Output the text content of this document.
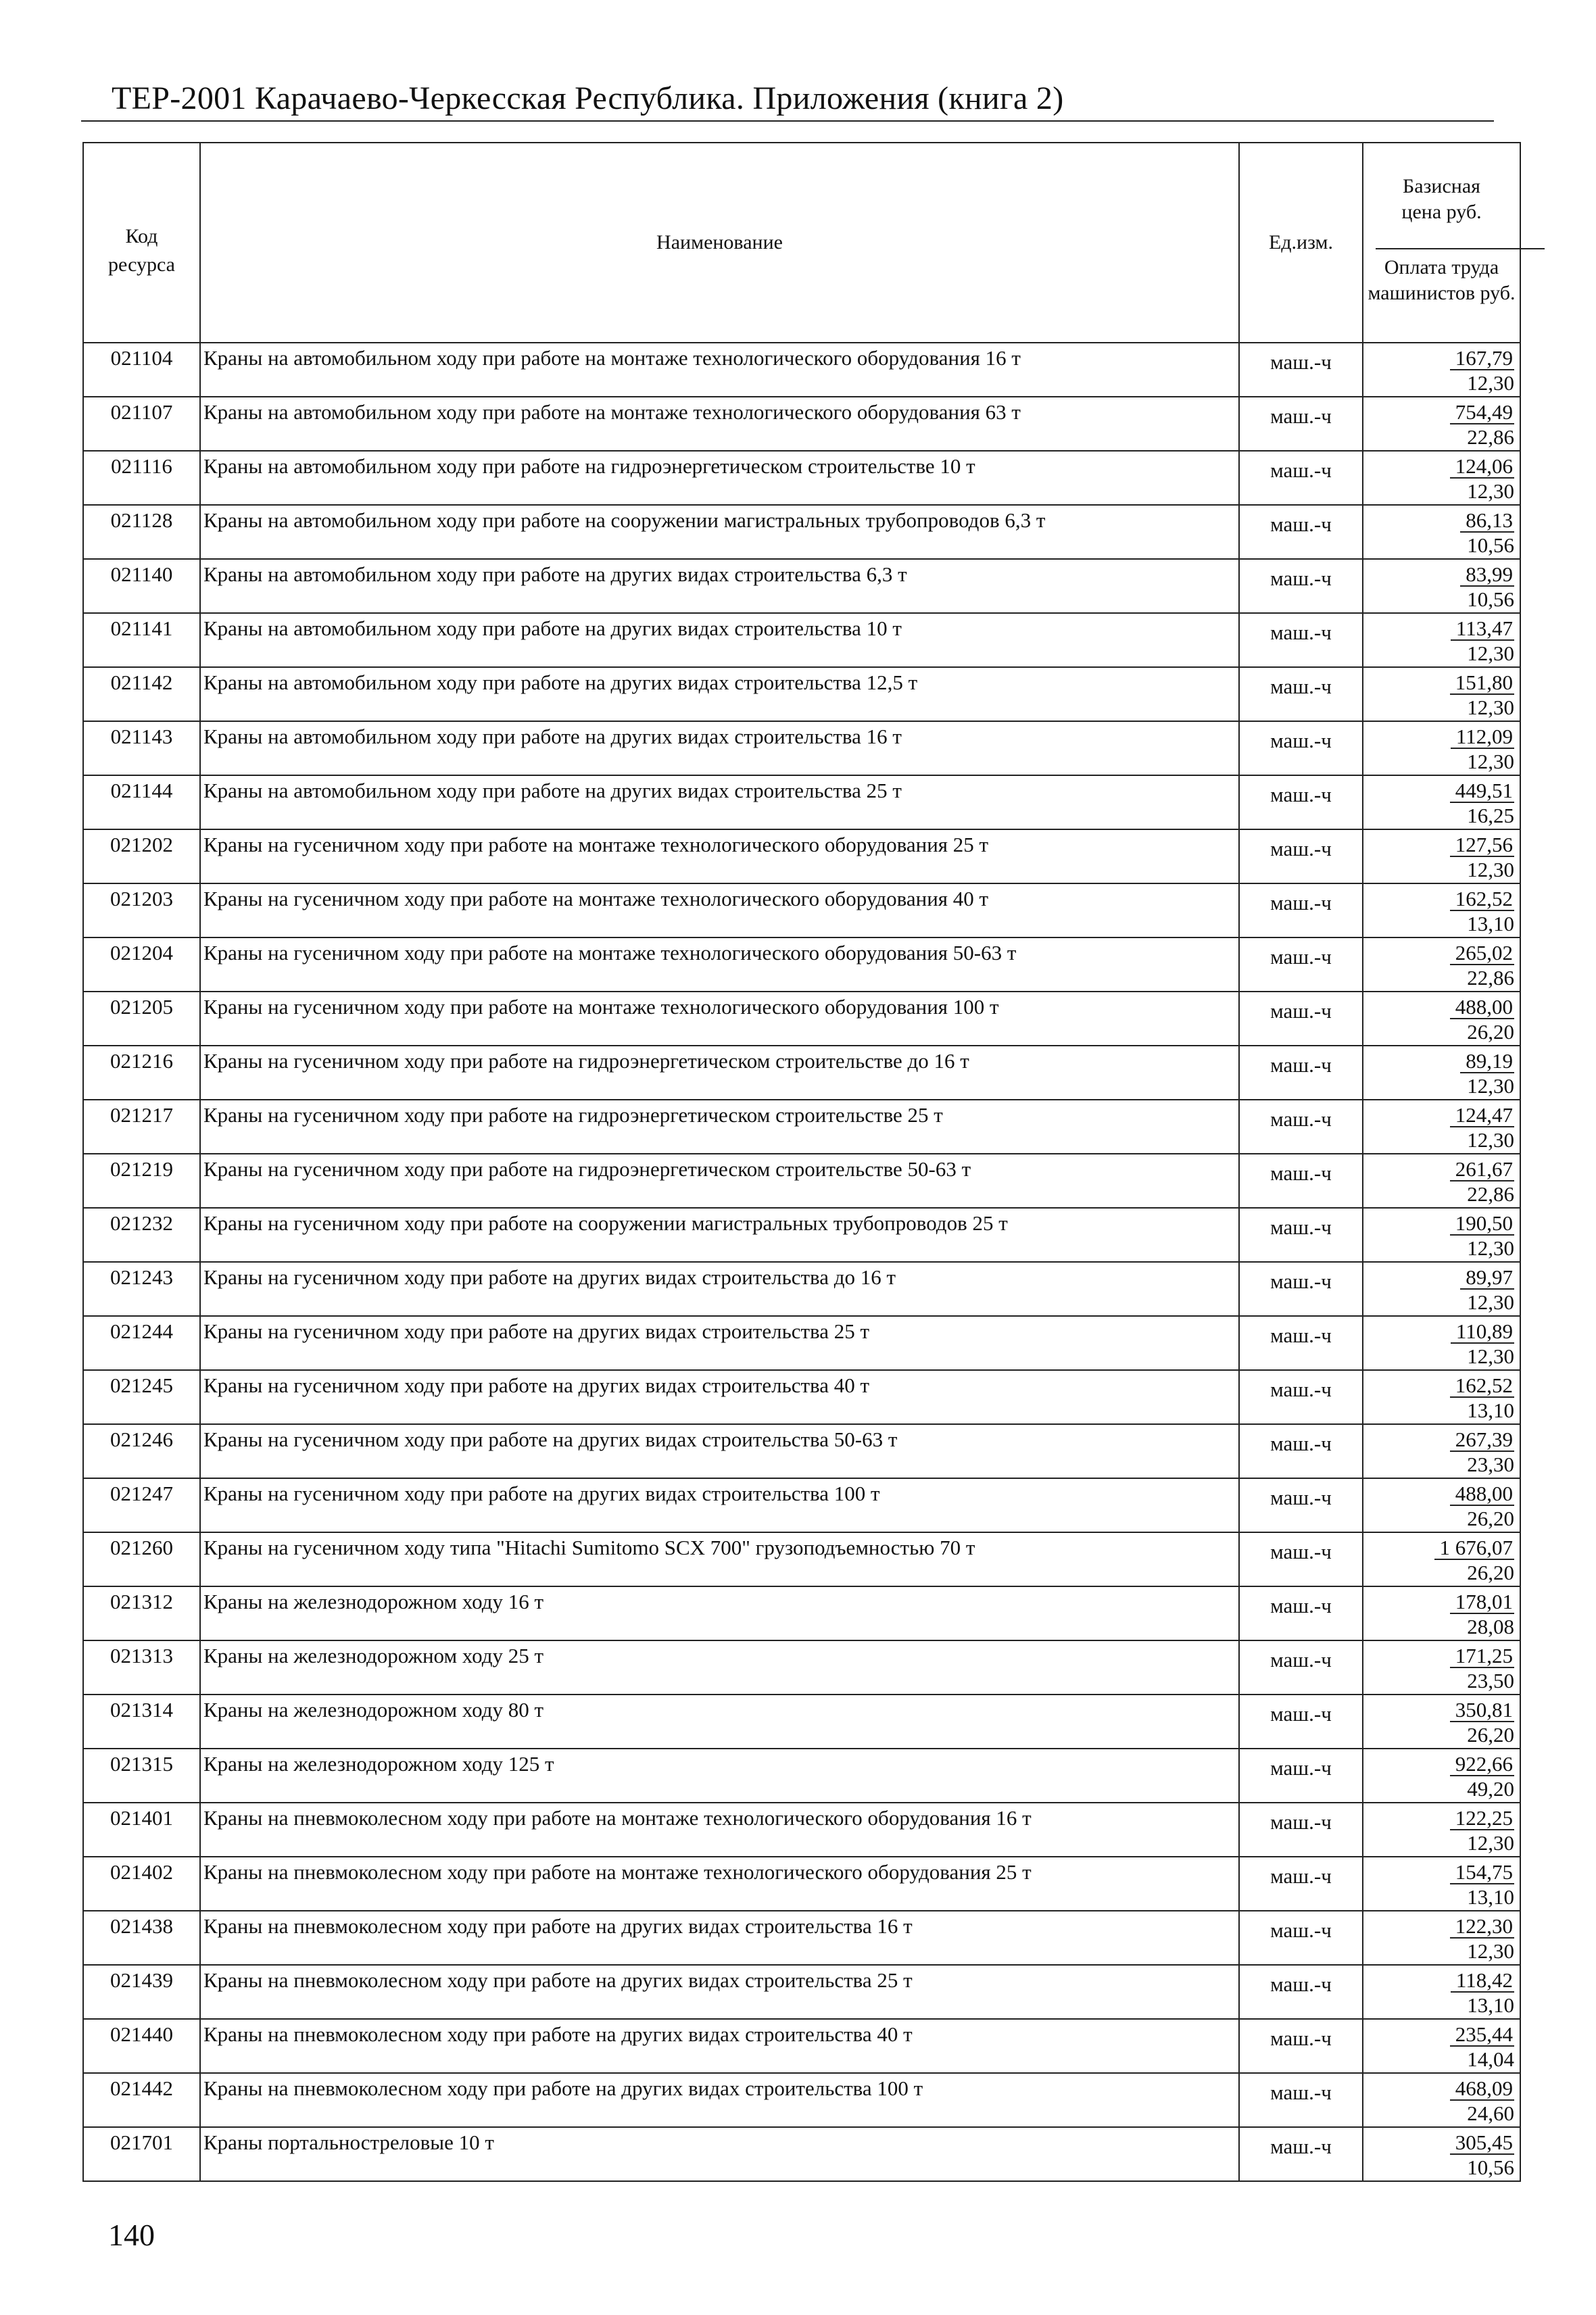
ТЕР-2001 Карачаево-Черкесская Республика. Приложения (книга 2)
Код ресурса	Наименование	Ед.изм.	Базисная цена руб.
Оплата труда машинистов руб.

021104	Краны на автомобильном ходу при работе на монтаже технологического оборудования 16 т	маш.-ч	167,79
12,30

021107	Краны на автомобильном ходу при работе на монтаже технологического оборудования 63 т	маш.-ч	754,49
22,86

021116	Краны на автомобильном ходу при работе на гидроэнергетическом строительстве 10 т	маш.-ч	124,06
12,30

021128	Краны на автомобильном ходу при работе на сооружении магистральных трубопроводов 6,3 т	маш.-ч	86,13
10,56

021140	Краны на автомобильном ходу при работе на других видах строительства 6,3 т	маш.-ч	83,99
10,56

021141	Краны на автомобильном ходу при работе на других видах строительства 10 т	маш.-ч	113,47
12,30

021142	Краны на автомобильном ходу при работе на других видах строительства 12,5 т	маш.-ч	151,80
12,30

021143	Краны на автомобильном ходу при работе на других видах строительства 16 т	маш.-ч	112,09
12,30

021144	Краны на автомобильном ходу при работе на других видах строительства 25 т	маш.-ч	449,51
16,25

021202	Краны на гусеничном ходу при работе на монтаже технологического оборудования 25 т	маш.-ч	127,56
12,30

021203	Краны на гусеничном ходу при работе на монтаже технологического оборудования 40 т	маш.-ч	162,52
13,10

021204	Краны на гусеничном ходу при работе на монтаже технологического оборудования 50-63 т	маш.-ч	265,02
22,86

021205	Краны на гусеничном ходу при работе на монтаже технологического оборудования 100 т	маш.-ч	488,00
26,20

021216	Краны на гусеничном ходу при работе на гидроэнергетическом строительстве до 16 т	маш.-ч	89,19
12,30

021217	Краны на гусеничном ходу при работе на гидроэнергетическом строительстве 25 т	маш.-ч	124,47
12,30

021219	Краны на гусеничном ходу при работе на гидроэнергетическом строительстве 50-63 т	маш.-ч	261,67
22,86

021232	Краны на гусеничном ходу при работе на сооружении магистральных трубопроводов 25 т	маш.-ч	190,50
12,30

021243	Краны на гусеничном ходу при работе на других видах строительства до 16 т	маш.-ч	89,97
12,30

021244	Краны на гусеничном ходу при работе на других видах строительства 25 т	маш.-ч	110,89
12,30

021245	Краны на гусеничном ходу при работе на других видах строительства 40 т	маш.-ч	162,52
13,10

021246	Краны на гусеничном ходу при работе на других видах строительства 50-63 т	маш.-ч	267,39
23,30

021247	Краны на гусеничном ходу при работе на других видах строительства 100 т	маш.-ч	488,00
26,20

021260	Краны на гусеничном ходу типа "Hitachi Sumitomo SCX 700" грузоподъемностью 70 т	маш.-ч	1 676,07
26,20

021312	Краны на железнодорожном ходу 16 т	маш.-ч	178,01
28,08

021313	Краны на железнодорожном ходу 25 т	маш.-ч	171,25
23,50

021314	Краны на железнодорожном ходу 80 т	маш.-ч	350,81
26,20

021315	Краны на железнодорожном ходу 125 т	маш.-ч	922,66
49,20

021401	Краны на пневмоколесном ходу при работе на монтаже технологического оборудования 16 т	маш.-ч	122,25
12,30

021402	Краны на пневмоколесном ходу при работе на монтаже технологического оборудования 25 т	маш.-ч	154,75
13,10

021438	Краны на пневмоколесном ходу при работе на других видах строительства 16 т	маш.-ч	122,30
12,30

021439	Краны на пневмоколесном ходу при работе на других видах строительства 25 т	маш.-ч	118,42
13,10

021440	Краны на пневмоколесном ходу при работе на других видах строительства 40 т	маш.-ч	235,44
14,04

021442	Краны на пневмоколесном ходу при работе на других видах строительства 100 т	маш.-ч	468,09
24,60

021701	Краны портальнострелoвые 10 т	маш.-ч	305,45
10,56
140
